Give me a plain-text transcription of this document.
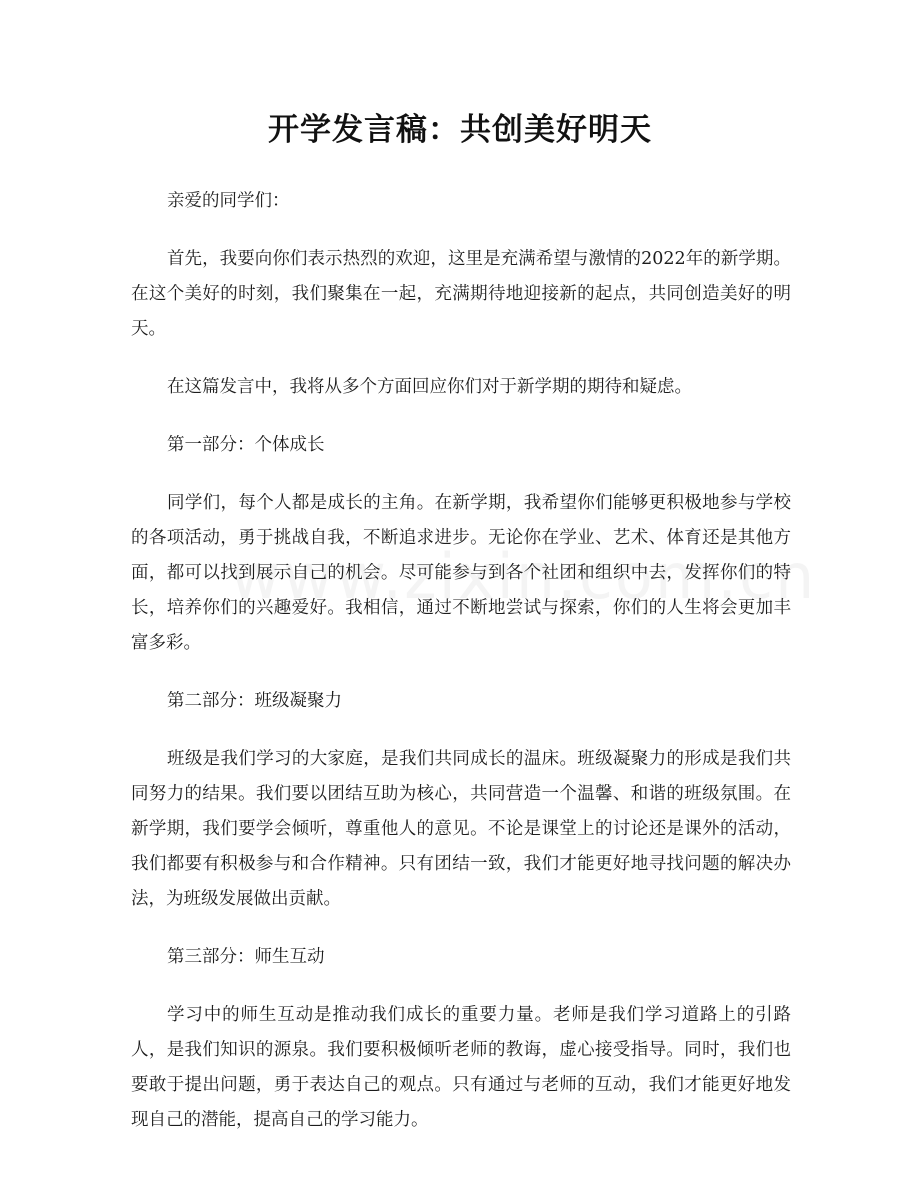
开学发言稿：共创美好明天

亲爱的同学们：

首先，我要向你们表示热烈的欢迎，这里是充满希望与激情的2022年的新学期。在这个美好的时刻，我们聚集在一起，充满期待地迎接新的起点，共同创造美好的明天。

在这篇发言中，我将从多个方面回应你们对于新学期的期待和疑虑。

第一部分：个体成长

同学们，每个人都是成长的主角。在新学期，我希望你们能够更积极地参与学校的各项活动，勇于挑战自我，不断追求进步。无论你在学业、艺术、体育还是其他方面，都可以找到展示自己的机会。尽可能参与到各个社团和组织中去，发挥你们的特长，培养你们的兴趣爱好。我相信，通过不断地尝试与探索，你们的人生将会更加丰富多彩。

第二部分：班级凝聚力

班级是我们学习的大家庭，是我们共同成长的温床。班级凝聚力的形成是我们共同努力的结果。我们要以团结互助为核心，共同营造一个温馨、和谐的班级氛围。在新学期，我们要学会倾听，尊重他人的意见。不论是课堂上的讨论还是课外的活动，我们都要有积极参与和合作精神。只有团结一致，我们才能更好地寻找问题的解决办法，为班级发展做出贡献。

第三部分：师生互动

学习中的师生互动是推动我们成长的重要力量。老师是我们学习道路上的引路人，是我们知识的源泉。我们要积极倾听老师的教诲，虚心接受指导。同时，我们也要敢于提出问题，勇于表达自己的观点。只有通过与老师的互动，我们才能更好地发现自己的潜能，提高自己的学习能力。
